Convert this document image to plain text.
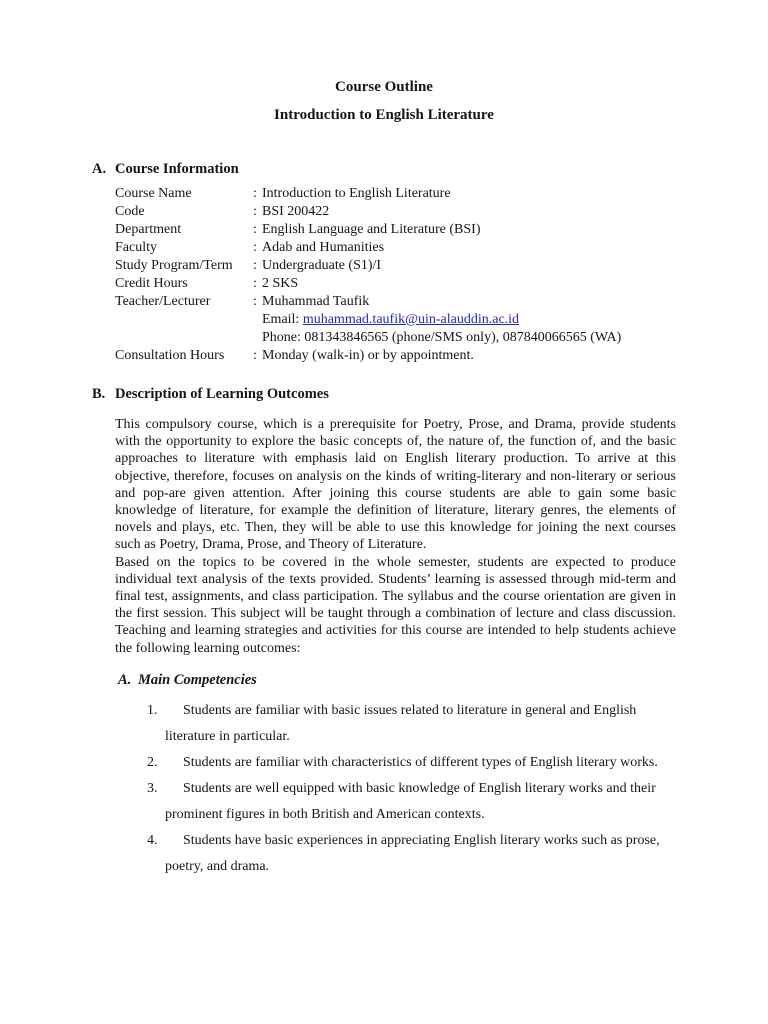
Course Outline
Introduction to English Literature
A. Course Information
Course Name	: Introduction to English Literature
Code	: BSI 200422
Department	: English Language and Literature (BSI)
Faculty	: Adab and Humanities
Study Program/Term	: Undergraduate (S1)/I
Credit Hours	: 2 SKS
Teacher/Lecturer	: Muhammad Taufik
Email: muhammad.taufik@uin-alauddin.ac.id
Phone: 081343846565 (phone/SMS only), 087840066565 (WA)
Consultation Hours	: Monday (walk-in) or by appointment.
B. Description of Learning Outcomes
This compulsory course, which is a prerequisite for Poetry, Prose, and Drama, provide students with the opportunity to explore the basic concepts of, the nature of, the function of, and the basic approaches to literature with emphasis laid on English literary production. To arrive at this objective, therefore, focuses on analysis on the kinds of writing-literary and non-literary or serious and pop-are given attention. After joining this course students are able to gain some basic knowledge of literature, for example the definition of literature, literary genres, the elements of novels and plays, etc. Then, they will be able to use this knowledge for joining the next courses such as Poetry, Drama, Prose, and Theory of Literature.
Based on the topics to be covered in the whole semester, students are expected to produce individual text analysis of the texts provided. Students’ learning is assessed through mid-term and final test, assignments, and class participation. The syllabus and the course orientation are given in the first session. This subject will be taught through a combination of lecture and class discussion. Teaching and learning strategies and activities for this course are intended to help students achieve the following learning outcomes:
A. Main Competencies
1. Students are familiar with basic issues related to literature in general and English literature in particular.
2. Students are familiar with characteristics of different types of English literary works.
3. Students are well equipped with basic knowledge of English literary works and their prominent figures in both British and American contexts.
4. Students have basic experiences in appreciating English literary works such as prose, poetry, and drama.
